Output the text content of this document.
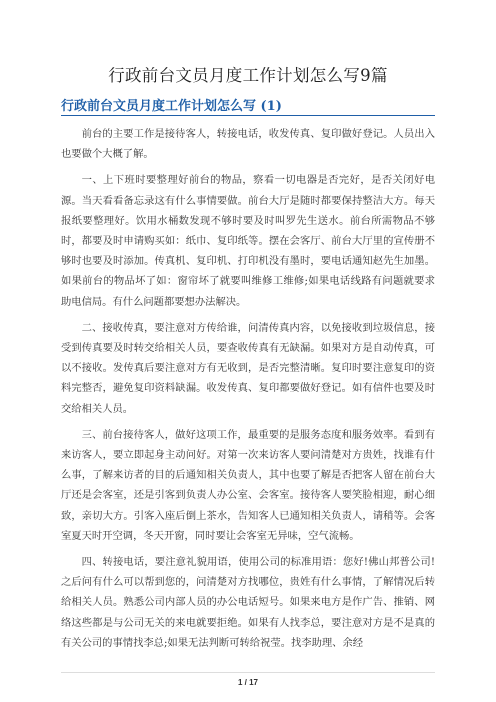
行政前台文员月度工作计划怎么写9篇
行政前台文员月度工作计划怎么写 (1)

前台的主要工作是接待客人，转接电话，收发传真、复印做好登记。人员出入也要做个大概了解。

一、上下班时要整理好前台的物品，察看一切电器是否完好，是否关闭好电源。当天看看备忘录这有什么事情要做。前台大厅是随时都要保持整洁大方。每天报纸要整理好。饮用水桶数发现不够时要及时叫罗先生送水。前台所需物品不够时，都要及时申请购买如：纸巾、复印纸等。摆在会客厅、前台大厅里的宣传册不够时也要及时添加。传真机、复印机、打印机没有墨时，要电话通知赵先生加墨。如果前台的物品坏了如：窗帘坏了就要叫维修工维修;如果电话线路有问题就要求助电信局。有什么问题都要想办法解决。

二、接收传真，要注意对方传给谁，问清传真内容，以免接收到垃圾信息，接受到传真要及时转交给相关人员，要查收传真有无缺漏。如果对方是自动传真，可以不接收。发传真后要注意对方有无收到，是否完整清晰。复印时要注意复印的资料完整否，避免复印资料缺漏。收发传真、复印都要做好登记。如有信件也要及时交给相关人员。

三、前台接待客人，做好这项工作，最重要的是服务态度和服务效率。看到有来访客人，要立即起身主动问好。对第一次来访客人要问清楚对方贵姓，找谁有什么事，了解来访者的目的后通知相关负责人，其中也要了解是否把客人留在前台大厅还是会客室，还是引客到负责人办公室、会客室。接待客人要笑脸相迎，耐心细致，亲切大方。引客入座后倒上茶水，告知客人已通知相关负责人，请稍等。会客室夏天时开空调，冬天开窗，同时要让会客室无异味，空气流畅。

四、转接电话，要注意礼貌用语，使用公司的标准用语：您好!佛山邦普公司!之后问有什么可以帮到您的，问清楚对方找哪位，贵姓有什么事情，了解情况后转给相关人员。熟悉公司内部人员的办公电话短号。如果来电方是作广告、推销、网络这些都是与公司无关的来电就要拒绝。如果有人找李总，要注意对方是不是真的有关公司的事情找李总;如果无法判断可转给祝莹。找李助理、余经

1 / 17
